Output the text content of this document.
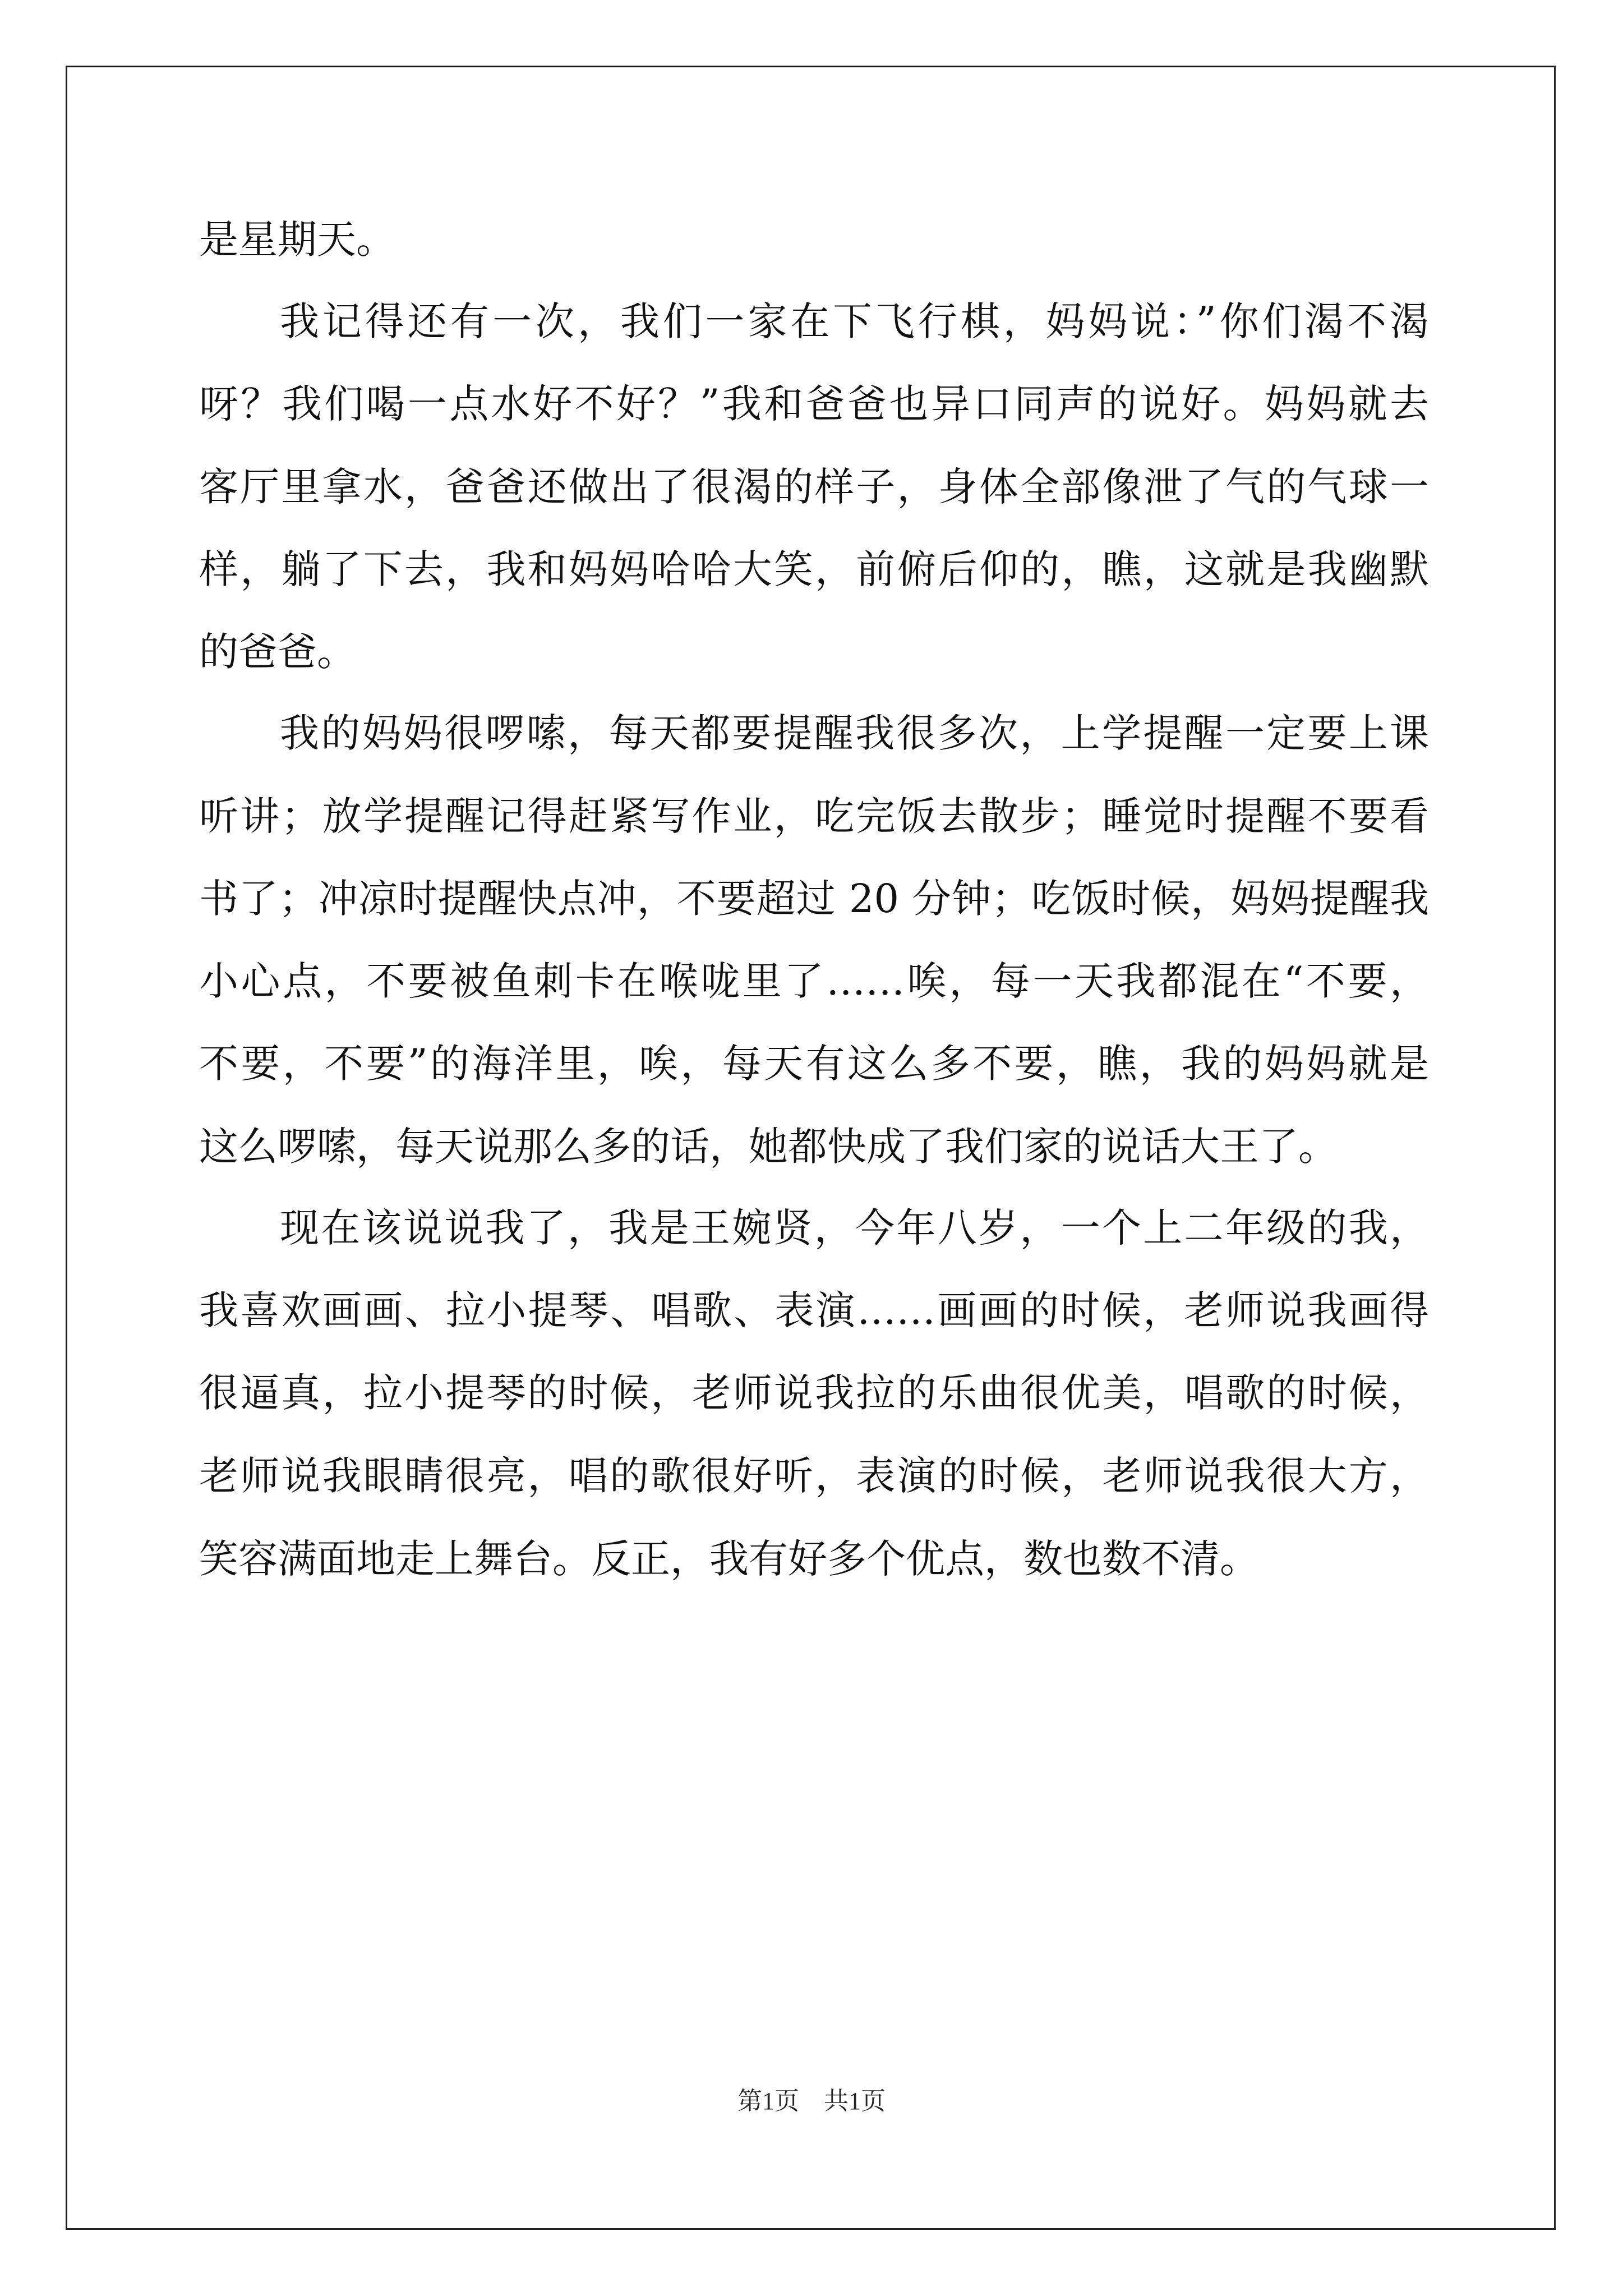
是星期天。
我记得还有一次，我们一家在下飞行棋，妈妈说：”你们渴不渴
呀？我们喝一点水好不好？”我和爸爸也异口同声的说好。妈妈就去
客厅里拿水，爸爸还做出了很渴的样子，身体全部像泄了气的气球一
样，躺了下去，我和妈妈哈哈大笑，前俯后仰的，瞧，这就是我幽默
的爸爸。
我的妈妈很啰嗦，每天都要提醒我很多次，上学提醒一定要上课
听讲；放学提醒记得赶紧写作业，吃完饭去散步；睡觉时提醒不要看
书了；冲凉时提醒快点冲，不要超过 20 分钟；吃饭时候，妈妈提醒我
小心点，不要被鱼刺卡在喉咙里了……唉，每一天我都混在“不要，
不要，不要”的海洋里，唉，每天有这么多不要，瞧，我的妈妈就是
这么啰嗦，每天说那么多的话，她都快成了我们家的说话大王了。
现在该说说我了，我是王婉贤，今年八岁，一个上二年级的我，
我喜欢画画、拉小提琴、唱歌、表演……画画的时候，老师说我画得
很逼真，拉小提琴的时候，老师说我拉的乐曲很优美，唱歌的时候，
老师说我眼睛很亮，唱的歌很好听，表演的时候，老师说我很大方，
笑容满面地走上舞台。反正，我有好多个优点，数也数不清。
第1页 共1页
